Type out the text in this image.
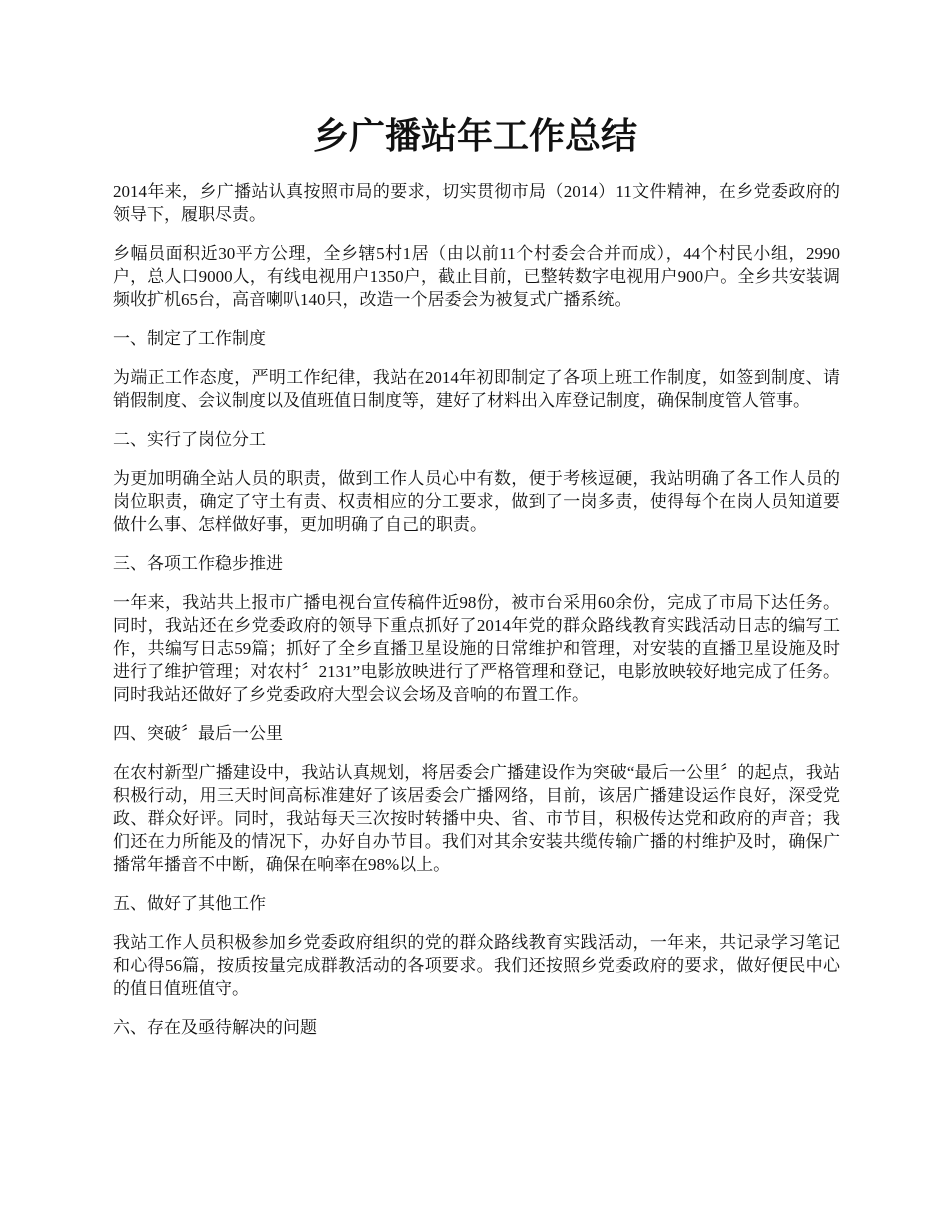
乡广播站年工作总结

2014年来，乡广播站认真按照市局的要求，切实贯彻市局（2014）11文件精神，在乡党委政府的领导下，履职尽责。

乡幅员面积近30平方公理，全乡辖5村1居（由以前11个村委会合并而成），44个村民小组，2990户，总人口9000人，有线电视用户1350户，截止目前，已整转数字电视用户900户。全乡共安装调频收扩机65台，高音喇叭140只，改造一个居委会为被复式广播系统。

一、制定了工作制度

为端正工作态度，严明工作纪律，我站在2014年初即制定了各项上班工作制度，如签到制度、请销假制度、会议制度以及值班值日制度等，建好了材料出入库登记制度，确保制度管人管事。

二、实行了岗位分工

为更加明确全站人员的职责，做到工作人员心中有数，便于考核逗硬，我站明确了各工作人员的岗位职责，确定了守土有责、权责相应的分工要求，做到了一岗多责，使得每个在岗人员知道要做什么事、怎样做好事，更加明确了自己的职责。

三、各项工作稳步推进

一年来，我站共上报市广播电视台宣传稿件近98份，被市台采用60余份，完成了市局下达任务。同时，我站还在乡党委政府的领导下重点抓好了2014年党的群众路线教育实践活动日志的编写工作，共编写日志59篇；抓好了全乡直播卫星设施的日常维护和管理，对安装的直播卫星设施及时进行了维护管理；对农村〞2131”电影放映进行了严格管理和登记，电影放映较好地完成了任务。同时我站还做好了乡党委政府大型会议会场及音响的布置工作。

四、突破〞最后一公里

在农村新型广播建设中，我站认真规划，将居委会广播建设作为突破“最后一公里〞的起点，我站积极行动，用三天时间高标准建好了该居委会广播网络，目前，该居广播建设运作良好，深受党政、群众好评。同时，我站每天三次按时转播中央、省、市节目，积极传达党和政府的声音；我们还在力所能及的情况下，办好自办节目。我们对其余安装共缆传输广播的村维护及时，确保广播常年播音不中断，确保在响率在98%以上。

五、做好了其他工作

我站工作人员积极参加乡党委政府组织的党的群众路线教育实践活动，一年来，共记录学习笔记和心得56篇，按质按量完成群教活动的各项要求。我们还按照乡党委政府的要求，做好便民中心的值日值班值守。

六、存在及亟待解决的问题
